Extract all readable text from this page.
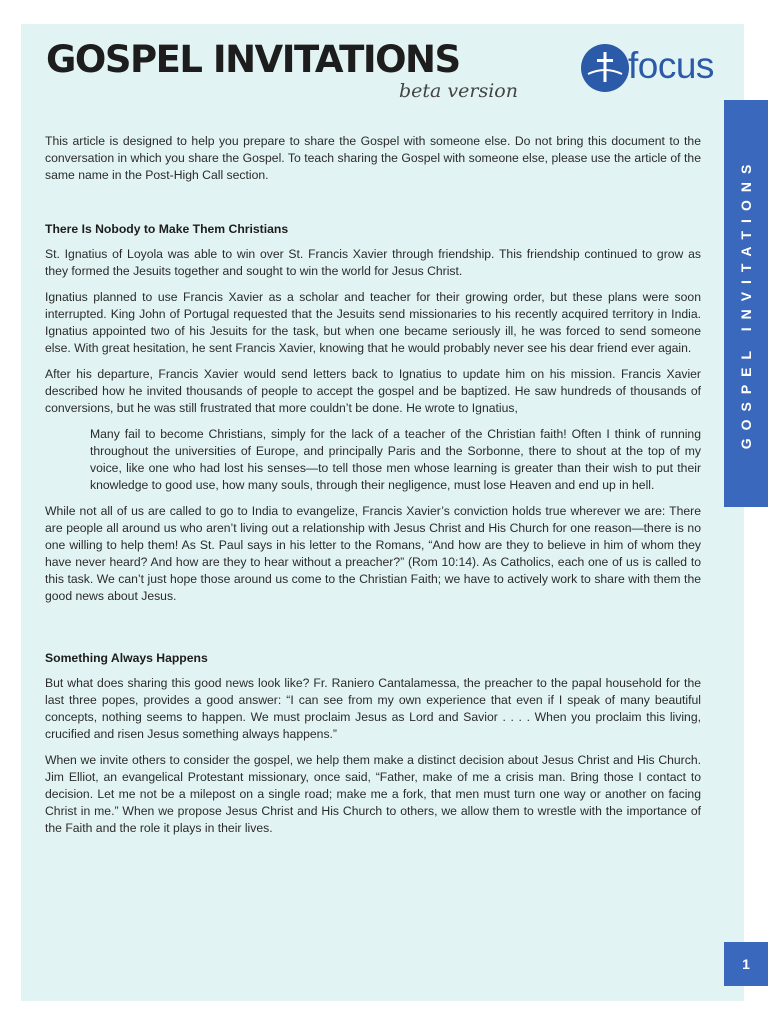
GOSPEL INVITATIONS
beta version
focus
GOSPEL INVITATIONS

This article is designed to help you prepare to share the Gospel with someone else. Do not bring this document to the conversation in which you share the Gospel. To teach sharing the Gospel with someone else, please use the article of the same name in the Post-High Call section.

There Is Nobody to Make Them Christians

St. Ignatius of Loyola was able to win over St. Francis Xavier through friendship. This friendship continued to grow as they formed the Jesuits together and sought to win the world for Jesus Christ.

Ignatius planned to use Francis Xavier as a scholar and teacher for their growing order, but these plans were soon interrupted. King John of Portugal requested that the Jesuits send missionaries to his recently acquired territory in India. Ignatius appointed two of his Jesuits for the task, but when one became seriously ill, he was forced to send someone else. With great hesitation, he sent Francis Xavier, knowing that he would probably never see his dear friend ever again.

After his departure, Francis Xavier would send letters back to Ignatius to update him on his mission. Francis Xavier described how he invited thousands of people to accept the gospel and be baptized. He saw hundreds of thousands of conversions, but he was still frustrated that more couldn’t be done. He wrote to Ignatius,

Many fail to become Christians, simply for the lack of a teacher of the Christian faith! Often I think of running throughout the universities of Europe, and principally Paris and the Sorbonne, there to shout at the top of my voice, like one who had lost his senses—to tell those men whose learning is greater than their wish to put their knowledge to good use, how many souls, through their negligence, must lose Heaven and end up in hell.

While not all of us are called to go to India to evangelize, Francis Xavier’s conviction holds true wherever we are: There are people all around us who aren’t living out a relationship with Jesus Christ and His Church for one reason—there is no one willing to help them! As St. Paul says in his letter to the Romans, “And how are they to believe in him of whom they have never heard? And how are they to hear without a preacher?” (Rom 10:14). As Catholics, each one of us is called to this task. We can’t just hope those around us come to the Christian Faith; we have to actively work to share with them the good news about Jesus.

Something Always Happens

But what does sharing this good news look like? Fr. Raniero Cantalamessa, the preacher to the papal household for the last three popes, provides a good answer: “I can see from my own experience that even if I speak of many beautiful concepts, nothing seems to happen. We must proclaim Jesus as Lord and Savior . . . . When you proclaim this living, crucified and risen Jesus something always happens.”

When we invite others to consider the gospel, we help them make a distinct decision about Jesus Christ and His Church. Jim Elliot, an evangelical Protestant missionary, once said, “Father, make of me a crisis man. Bring those I contact to decision. Let me not be a milepost on a single road; make me a fork, that men must turn one way or another on facing Christ in me.” When we propose Jesus Christ and His Church to others, we allow them to wrestle with the importance of the Faith and the role it plays in their lives.

1
